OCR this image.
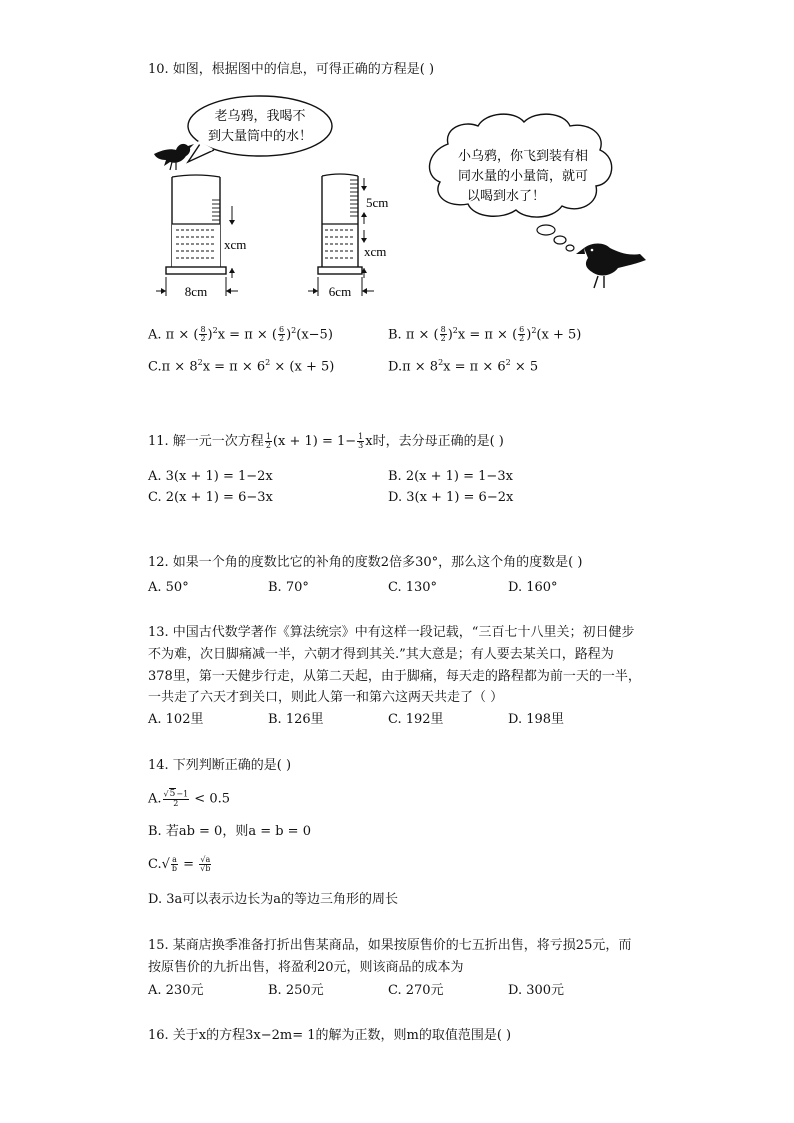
10. 如图，根据图中的信息，可得正确的方程是( )
老乌鸦，我喝不
到大量筒中的水！
xcm
8cm
5cm
xcm
6cm
小乌鸦，你飞到装有相
同水量的小量筒，就可
以喝到水了！
A. π × ( $\frac{8}{2} )^2x = \pi$ × ( $\frac{6}{2} )^2(x-5)$	B. π × ( $\frac{8}{2} )^2x = \pi$ × ( $\frac{6}{2} )^2(x + 5)$
$C.\pi \times 8^2x = \pi \times 6^2 \times (x + 5)$	$D.\pi \times 8^2x = \pi \times 6^2 \times 5$
11. 解一元一次方程 $\frac{1}{2} (x + 1) = 1- \frac{1}{3}$ x时，去分母正确的是( )
A. 3(x + 1) = 1−2x	B. 2(x + 1) = 1−3x
C. 2(x + 1) = 6−3x	D. 3(x + 1) = 6−2x
12. 如果一个角的度数比它的补角的度数2倍多30°，那么这个角的度数是( )
A. 50°	B. 70°	C. 130°	D. 160°
13. 中国古代数学著作《算法统宗》中有这样一段记载，“三百七十八里关；初日健步
不为难，次日脚痛减一半，六朝才得到其关.”其大意是；有人要去某关口，路程为
378里，第一天健步行走，从第二天起，由于脚痛，每天走的路程都为前一天的一半，
一共走了六天才到关口，则此人第一和第六这两天共走了（ ）
A. 102里	B. 126里	C. 192里	D. 198里
14. 下列判断正确的是( )
A. $\frac{√5-1}{2} < 0.5$
B. 若ab = 0，则a = b = 0
$C.√ \frac{a}{b} = \frac{√a}{√b}$
D. 3a可以表示边长为a的等边三角形的周长
15. 某商店换季准备打折出售某商品，如果按原售价的七五折出售，将亏损25元，而
按原售价的九折出售，将盈利20元，则该商品的成本为
A. 230元	B. 250元	C. 270元	D. 300元
16. 关于x的方程3x−2m= 1的解为正数，则m的取值范围是( )
